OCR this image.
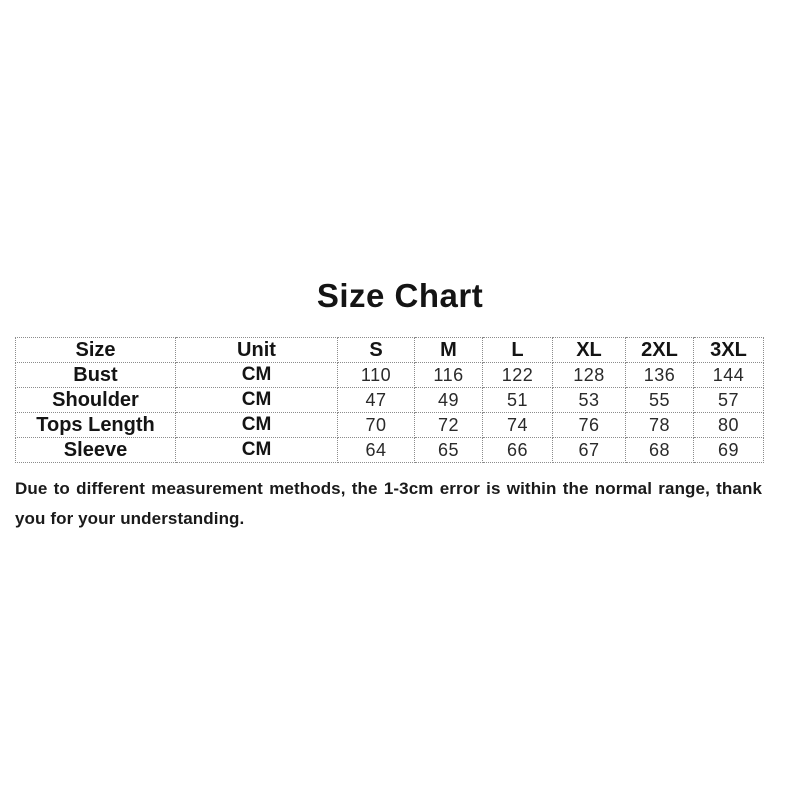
Size Chart
Size	Unit	S	M	L	XL	2XL	3XL
Bust	CM	110	116	122	128	136	144
Shoulder	CM	47	49	51	53	55	57
Tops Length	CM	70	72	74	76	78	80
Sleeve	CM	64	65	66	67	68	69

Due to different measurement methods, the 1-3cm error is within the normal range, thank you for your understanding.
